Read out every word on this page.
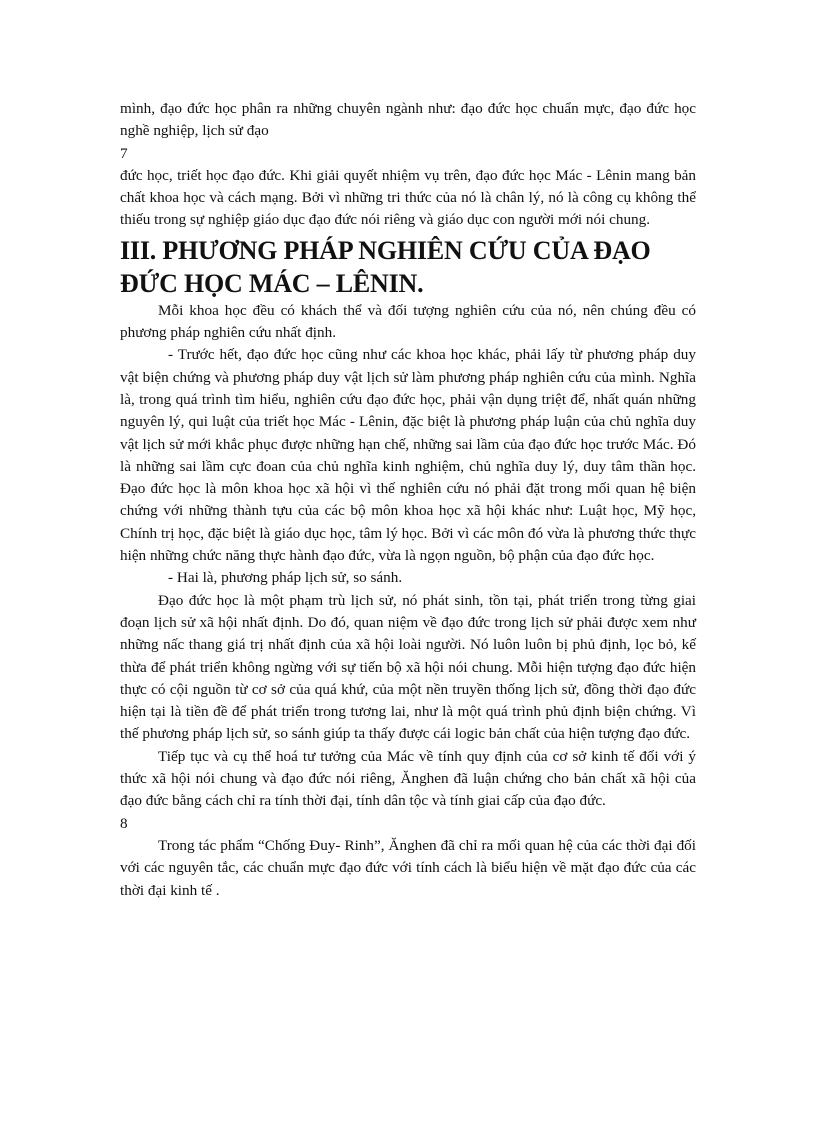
mình, đạo đức học phân ra những chuyên ngành như: đạo đức học chuẩn mực, đạo đức học nghề nghiệp, lịch sử đạo

7

đức học, triết học đạo đức. Khi giải quyết nhiệm vụ trên, đạo đức học Mác - Lênin mang bản chất khoa học và cách mạng. Bởi vì những tri thức của nó là chân lý, nó là công cụ không thể thiếu trong sự nghiệp giáo dục đạo đức nói riêng và giáo dục con người mới nói chung.

III. PHƯƠNG PHÁP NGHIÊN CỨU CỦA ĐẠO ĐỨC HỌC MÁC – LÊNIN.

Mỗi khoa học đều có khách thể và đối tượng nghiên cứu của nó, nên chúng đều có phương pháp nghiên cứu nhất định.

- Trước hết, đạo đức học cũng như các khoa học khác, phải lấy từ phương pháp duy vật biện chứng và phương pháp duy vật lịch sử làm phương pháp nghiên cứu của mình. Nghĩa là, trong quá trình tìm hiểu, nghiên cứu đạo đức học, phải vận dụng triệt để, nhất quán những nguyên lý, qui luật của triết học Mác - Lênin, đặc biệt là phương pháp luận của chủ nghĩa duy vật lịch sử mới khắc phục được những hạn chế, những sai lầm của đạo đức học trước Mác. Đó là những sai lầm cực đoan của chủ nghĩa kinh nghiệm, chủ nghĩa duy lý, duy tâm thần học. Đạo đức học là môn khoa học xã hội vì thế nghiên cứu nó phải đặt trong mối quan hệ biện chứng với những thành tựu của các bộ môn khoa học xã hội khác như: Luật học, Mỹ học, Chính trị học, đặc biệt là giáo dục học, tâm lý học. Bởi vì các môn đó vừa là phương thức thực hiện những chức năng thực hành đạo đức, vừa là ngọn nguồn, bộ phận của đạo đức học.

- Hai là, phương pháp lịch sử, so sánh.

Đạo đức học là một phạm trù lịch sử, nó phát sinh, tồn tại, phát triển trong từng giai đoạn lịch sử xã hội nhất định. Do đó, quan niệm về đạo đức trong lịch sử phải được xem như những nấc thang giá trị nhất định của xã hội loài người. Nó luôn luôn bị phủ định, lọc bỏ, kế thừa để phát triển không ngừng với sự tiến bộ xã hội nói chung. Mỗi hiện tượng đạo đức hiện thực có cội nguồn từ cơ sở của quá khứ, của một nền truyền thống lịch sử, đồng thời đạo đức hiện tại là tiền đề để phát triển trong tương lai, như là một quá trình phủ định biện chứng. Vì thế phương pháp lịch sử, so sánh giúp ta thấy được cái logic bản chất của hiện tượng đạo đức.

Tiếp tục và cụ thể hoá tư tưởng của Mác về tính quy định của cơ sở kinh tế đối với ý thức xã hội nói chung và đạo đức nói riêng, Ănghen đã luận chứng cho bản chất xã hội của đạo đức bằng cách chỉ ra tính thời đại, tính dân tộc và tính giai cấp của đạo đức.

8

Trong tác phẩm “Chống Đuy- Rinh”, Ănghen đã chỉ ra mối quan hệ của các thời đại đối với các nguyên tắc, các chuẩn mực đạo đức với tính cách là biểu hiện về mặt đạo đức của các thời đại kinh tế .
